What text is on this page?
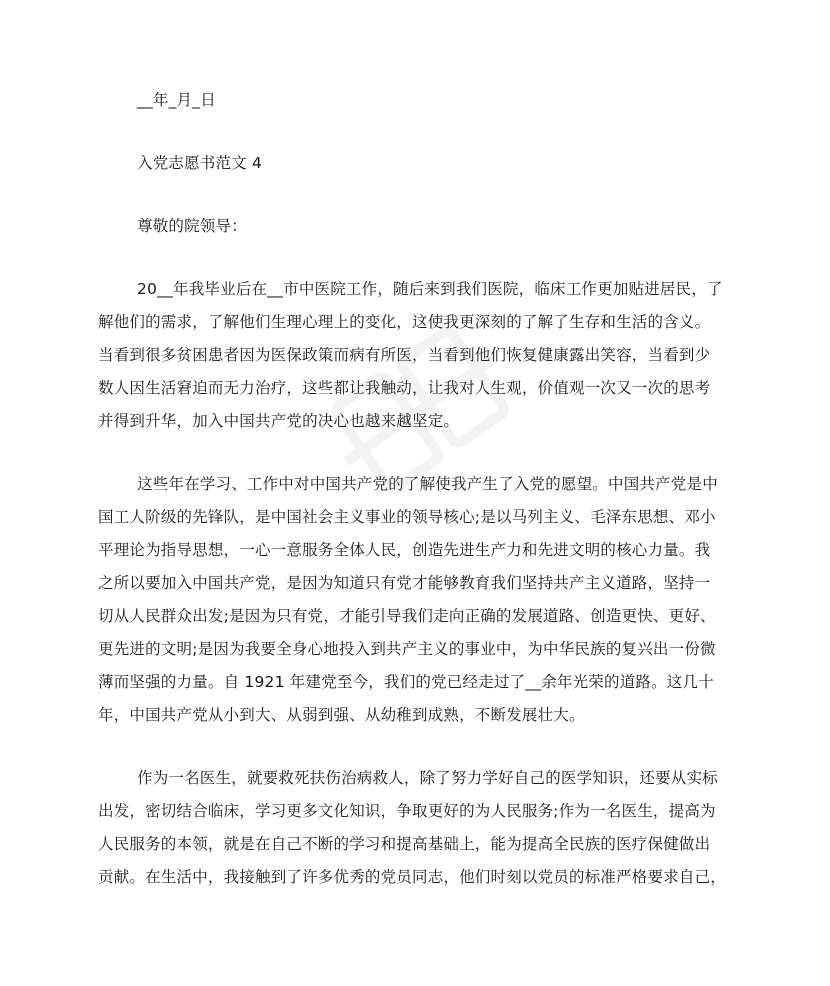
__年_月_日
入党志愿书范文 4
尊敬的院领导：
20__年我毕业后在__市中医院工作，随后来到我们医院，临床工作更加贴进居民，了
解他们的需求，了解他们生理心理上的变化，这使我更深刻的了解了生存和生活的含义。
当看到很多贫困患者因为医保政策而病有所医，当看到他们恢复健康露出笑容，当看到少
数人因生活窘迫而无力治疗，这些都让我触动，让我对人生观，价值观一次又一次的思考
并得到升华，加入中国共产党的决心也越来越坚定。
这些年在学习、工作中对中国共产党的了解使我产生了入党的愿望。中国共产党是中
国工人阶级的先锋队，是中国社会主义事业的领导核心;是以马列主义、毛泽东思想、邓小
平理论为指导思想，一心一意服务全体人民，创造先进生产力和先进文明的核心力量。我
之所以要加入中国共产党，是因为知道只有党才能够教育我们坚持共产主义道路，坚持一
切从人民群众出发;是因为只有党，才能引导我们走向正确的发展道路、创造更快、更好、
更先进的文明;是因为我要全身心地投入到共产主义的事业中，为中华民族的复兴出一份微
薄而坚强的力量。自 1921 年建党至今，我们的党已经走过了__余年光荣的道路。这几十
年，中国共产党从小到大、从弱到强、从幼稚到成熟，不断发展壮大。
作为一名医生，就要救死扶伤治病救人，除了努力学好自己的医学知识，还要从实标
出发，密切结合临床，学习更多文化知识，争取更好的为人民服务;作为一名医生，提高为
人民服务的本领，就是在自己不断的学习和提高基础上，能为提高全民族的医疗保健做出
贡献。在生活中，我接触到了许多优秀的党员同志，他们时刻以党员的标准严格要求自己，
